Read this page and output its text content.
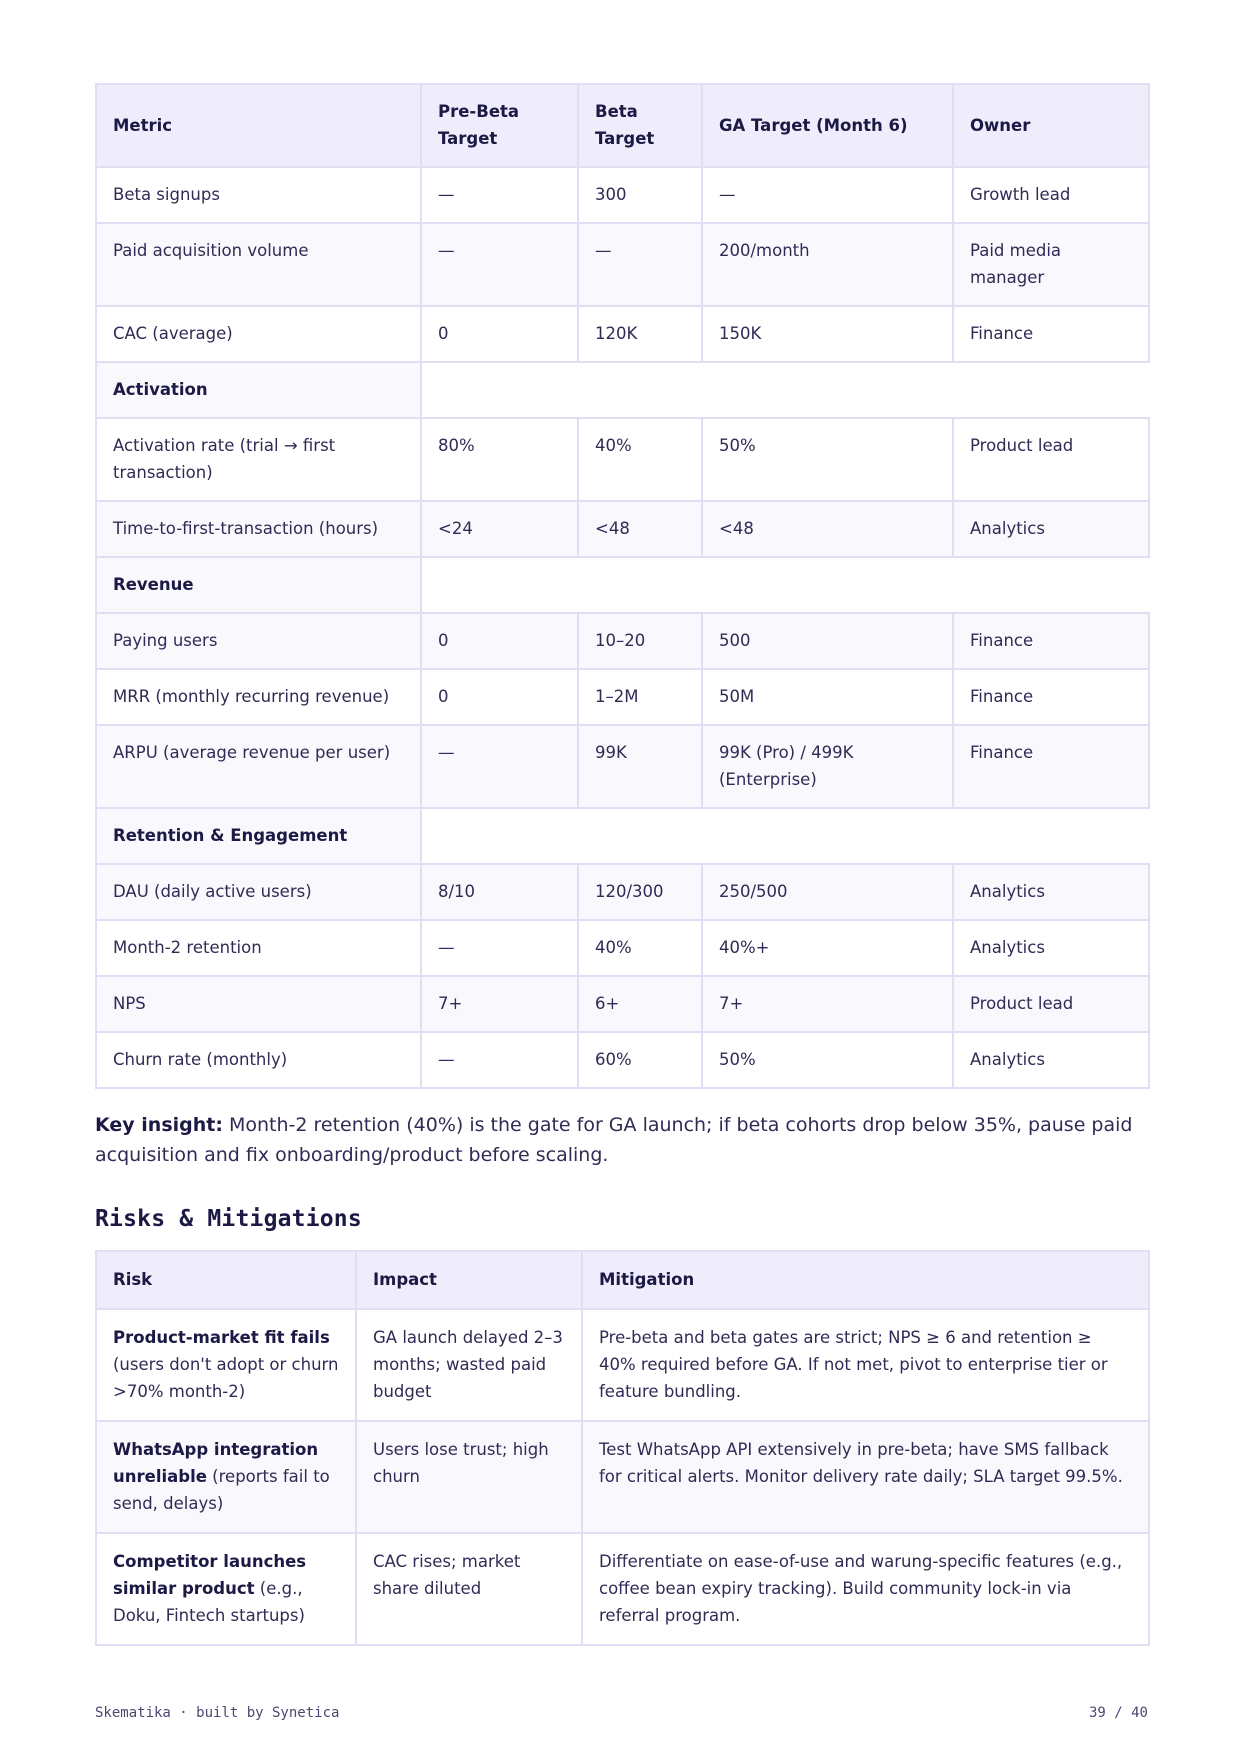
Metric	Pre-Beta Target	Beta Target	GA Target (Month 6)	Owner
Beta signups	—	300	—	Growth lead
Paid acquisition volume	—	—	200/month	Paid media manager
CAC (average)	0	120K	150K	Finance
Activation				
Activation rate (trial → first transaction)	80%	40%	50%	Product lead
Time-to-first-transaction (hours)	<24	<48	<48	Analytics
Revenue				
Paying users	0	10–20	500	Finance
MRR (monthly recurring revenue)	0	1–2M	50M	Finance
ARPU (average revenue per user)	—	99K	99K (Pro) / 499K (Enterprise)	Finance
Retention & Engagement				
DAU (daily active users)	8/10	120/300	250/500	Analytics
Month-2 retention	—	40%	40%+	Analytics
NPS	7+	6+	7+	Product lead
Churn rate (monthly)	—	60%	50%	Analytics

Key insight: Month-2 retention (40%) is the gate for GA launch; if beta cohorts drop below 35%, pause paid acquisition and fix onboarding/product before scaling.

Risks & Mitigations
Risk	Impact	Mitigation
Product-market fit fails (users don't adopt or churn >70% month-2)	GA launch delayed 2–3 months; wasted paid budget	Pre-beta and beta gates are strict; NPS ≥ 6 and retention ≥ 40% required before GA. If not met, pivot to enterprise tier or feature bundling.
WhatsApp integration unreliable (reports fail to send, delays)	Users lose trust; high churn	Test WhatsApp API extensively in pre-beta; have SMS fallback for critical alerts. Monitor delivery rate daily; SLA target 99.5%.
Competitor launches similar product (e.g., Doku, Fintech startups)	CAC rises; market share diluted	Differentiate on ease-of-use and warung-specific features (e.g., coffee bean expiry tracking). Build community lock-in via referral program.
Skematika · built by Synetica	39 / 40
